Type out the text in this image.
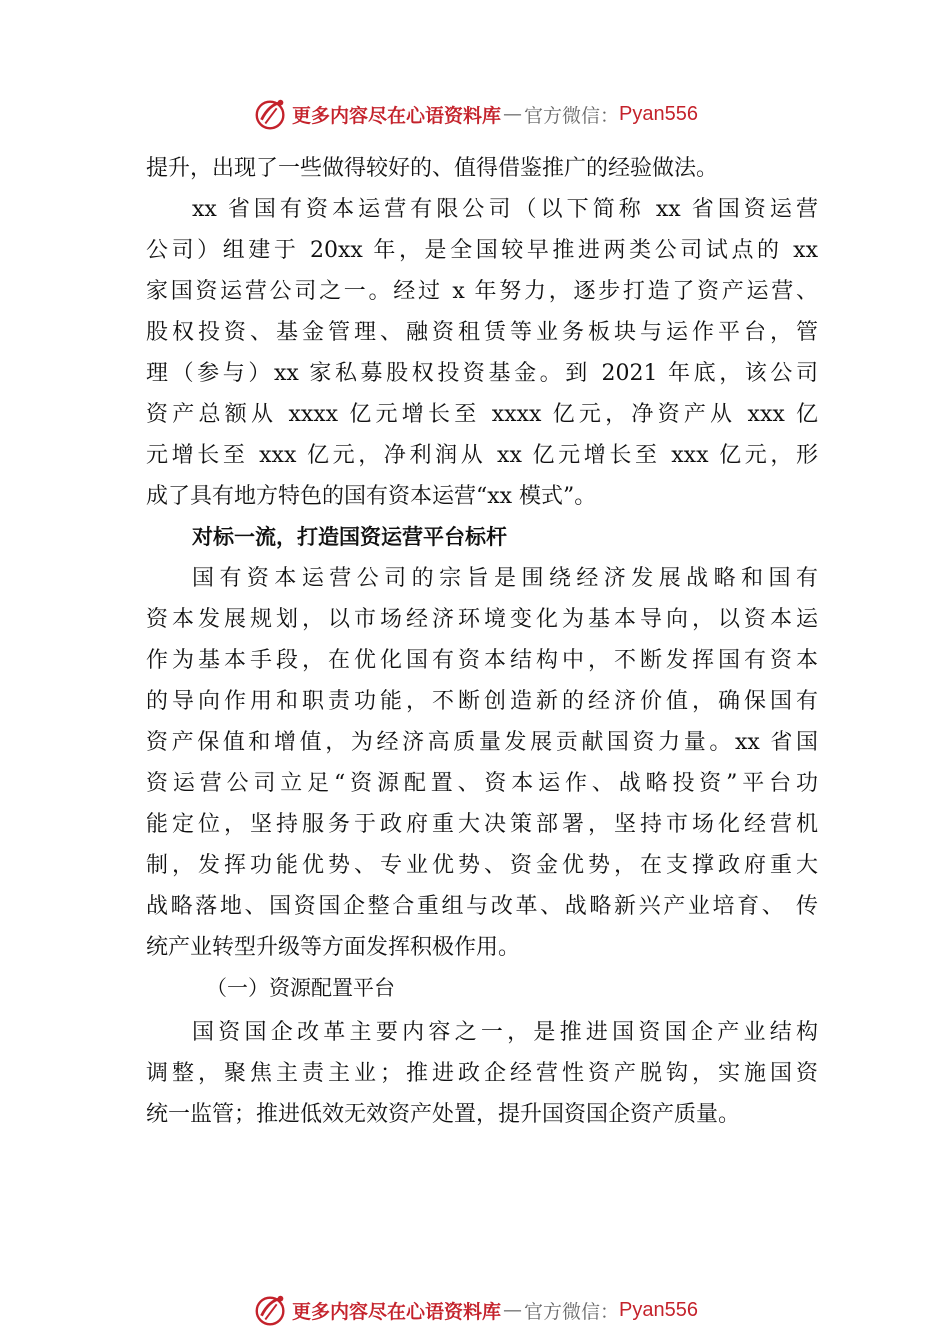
更多内容尽在心语资料库 — 官方微信： Pyan556
提升，出现了一些做得较好的、值得借鉴推广的经验做法。
xx 省国有资本运营有限公司（以下简称 xx 省国资运营
公司）组建于 20xx 年，是全国较早推进两类公司试点的 xx
家国资运营公司之一。经过 x 年努力，逐步打造了资产运营、
股权投资、基金管理、融资租赁等业务板块与运作平台，管
理（参与）xx 家私募股权投资基金。到 2021 年底，该公司
资产总额从 xxxx 亿元增长至 xxxx 亿元，净资产从 xxx 亿
元增长至 xxx 亿元，净利润从 xx 亿元增长至 xxx 亿元，形
成了具有地方特色的国有资本运营“xx 模式”。
对标一流，打造国资运营平台标杆
国有资本运营公司的宗旨是围绕经济发展战略和国有
资本发展规划，以市场经济环境变化为基本导向，以资本运
作为基本手段，在优化国有资本结构中，不断发挥国有资本
的导向作用和职责功能，不断创造新的经济价值，确保国有
资产保值和增值，为经济高质量发展贡献国资力量。xx 省国
资运营公司立足“资源配置、资本运作、战略投资”平台功
能定位，坚持服务于政府重大决策部署，坚持市场化经营机
制，发挥功能优势、专业优势、资金优势，在支撑政府重大
战略落地、国资国企整合重组与改革、战略新兴产业培育、 传
统产业转型升级等方面发挥积极作用。
（一）资源配置平台
国资国企改革主要内容之一，是推进国资国企产业结构
调整，聚焦主责主业；推进政企经营性资产脱钩，实施国资
统一监管；推进低效无效资产处置，提升国资国企资产质量。
更多内容尽在心语资料库 — 官方微信： Pyan556
